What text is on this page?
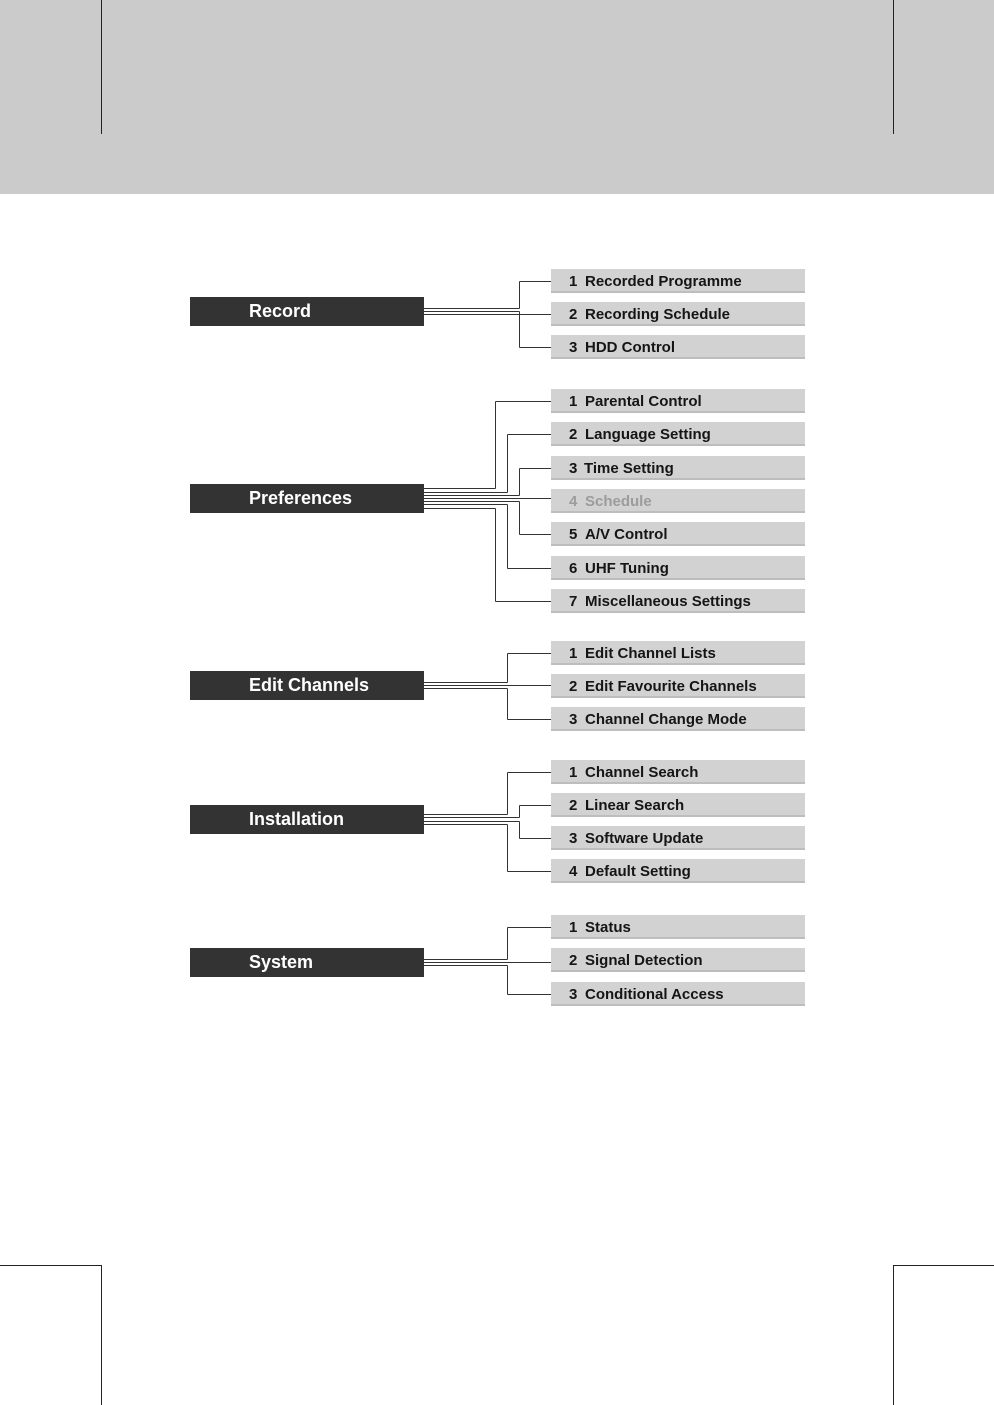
Record
1 Recorded Programme
2 Recording Schedule
3 HDD Control
Preferences
1 Parental Control
2 Language Setting
3 Time Setting
4 Schedule
5 A/V Control
6 UHF Tuning
7 Miscellaneous Settings
Edit Channels
1 Edit Channel Lists
2 Edit Favourite Channels
3 Channel Change Mode
Installation
1 Channel Search
2 Linear Search
3 Software Update
4 Default Setting
System
1 Status
2 Signal Detection
3 Conditional Access
